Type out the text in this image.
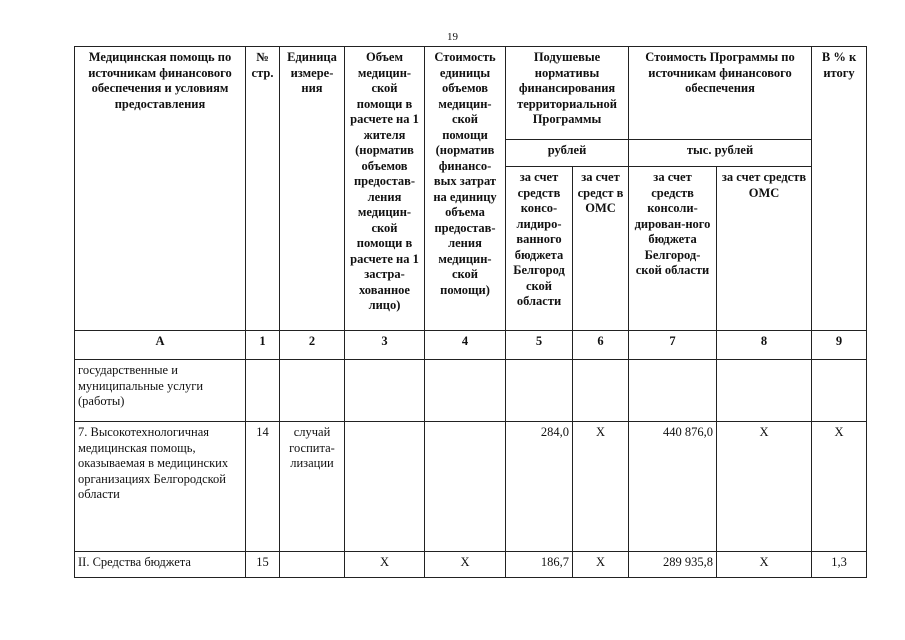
19
Медицинская помощь по источникам финансового обеспечения и условиям предоставления	№ стр.	Единица измере-ния	Объем медицин-ской помощи в расчете на 1 жителя (норматив объемов предостав-ления медицин-ской помощи в расчете на 1 застра-хованное лицо)	Стоимость единицы объемов медицин-ской помощи (норматив финансо-вых затрат на единицу объема предостав-ления медицин-ской помощи)	Подушевые нормативы финансирования территориальной Программы		Стоимость Программы по источникам финансового обеспечения		В % к итогу
					рублей		тыс. рублей		
					за счет средств консо-лидиро-ванного бюджета Белгород ской области	за счет средст в ОМС	за счет средств консоли-дирован-ного бюджета Белгород-ской области	за счет средств ОМС	
А	1	2	3	4	5	6	7	8	9
государственные и муниципальные услуги (работы)									
7. Высокотехнологичная медицинская помощь, оказываемая в медицинских организациях Белгородской области	14	случай госпита-лизации			284,0	X	440 876,0	X	X
II. Средства бюджета	15		X	X	186,7	X	289 935,8	X	1,3
